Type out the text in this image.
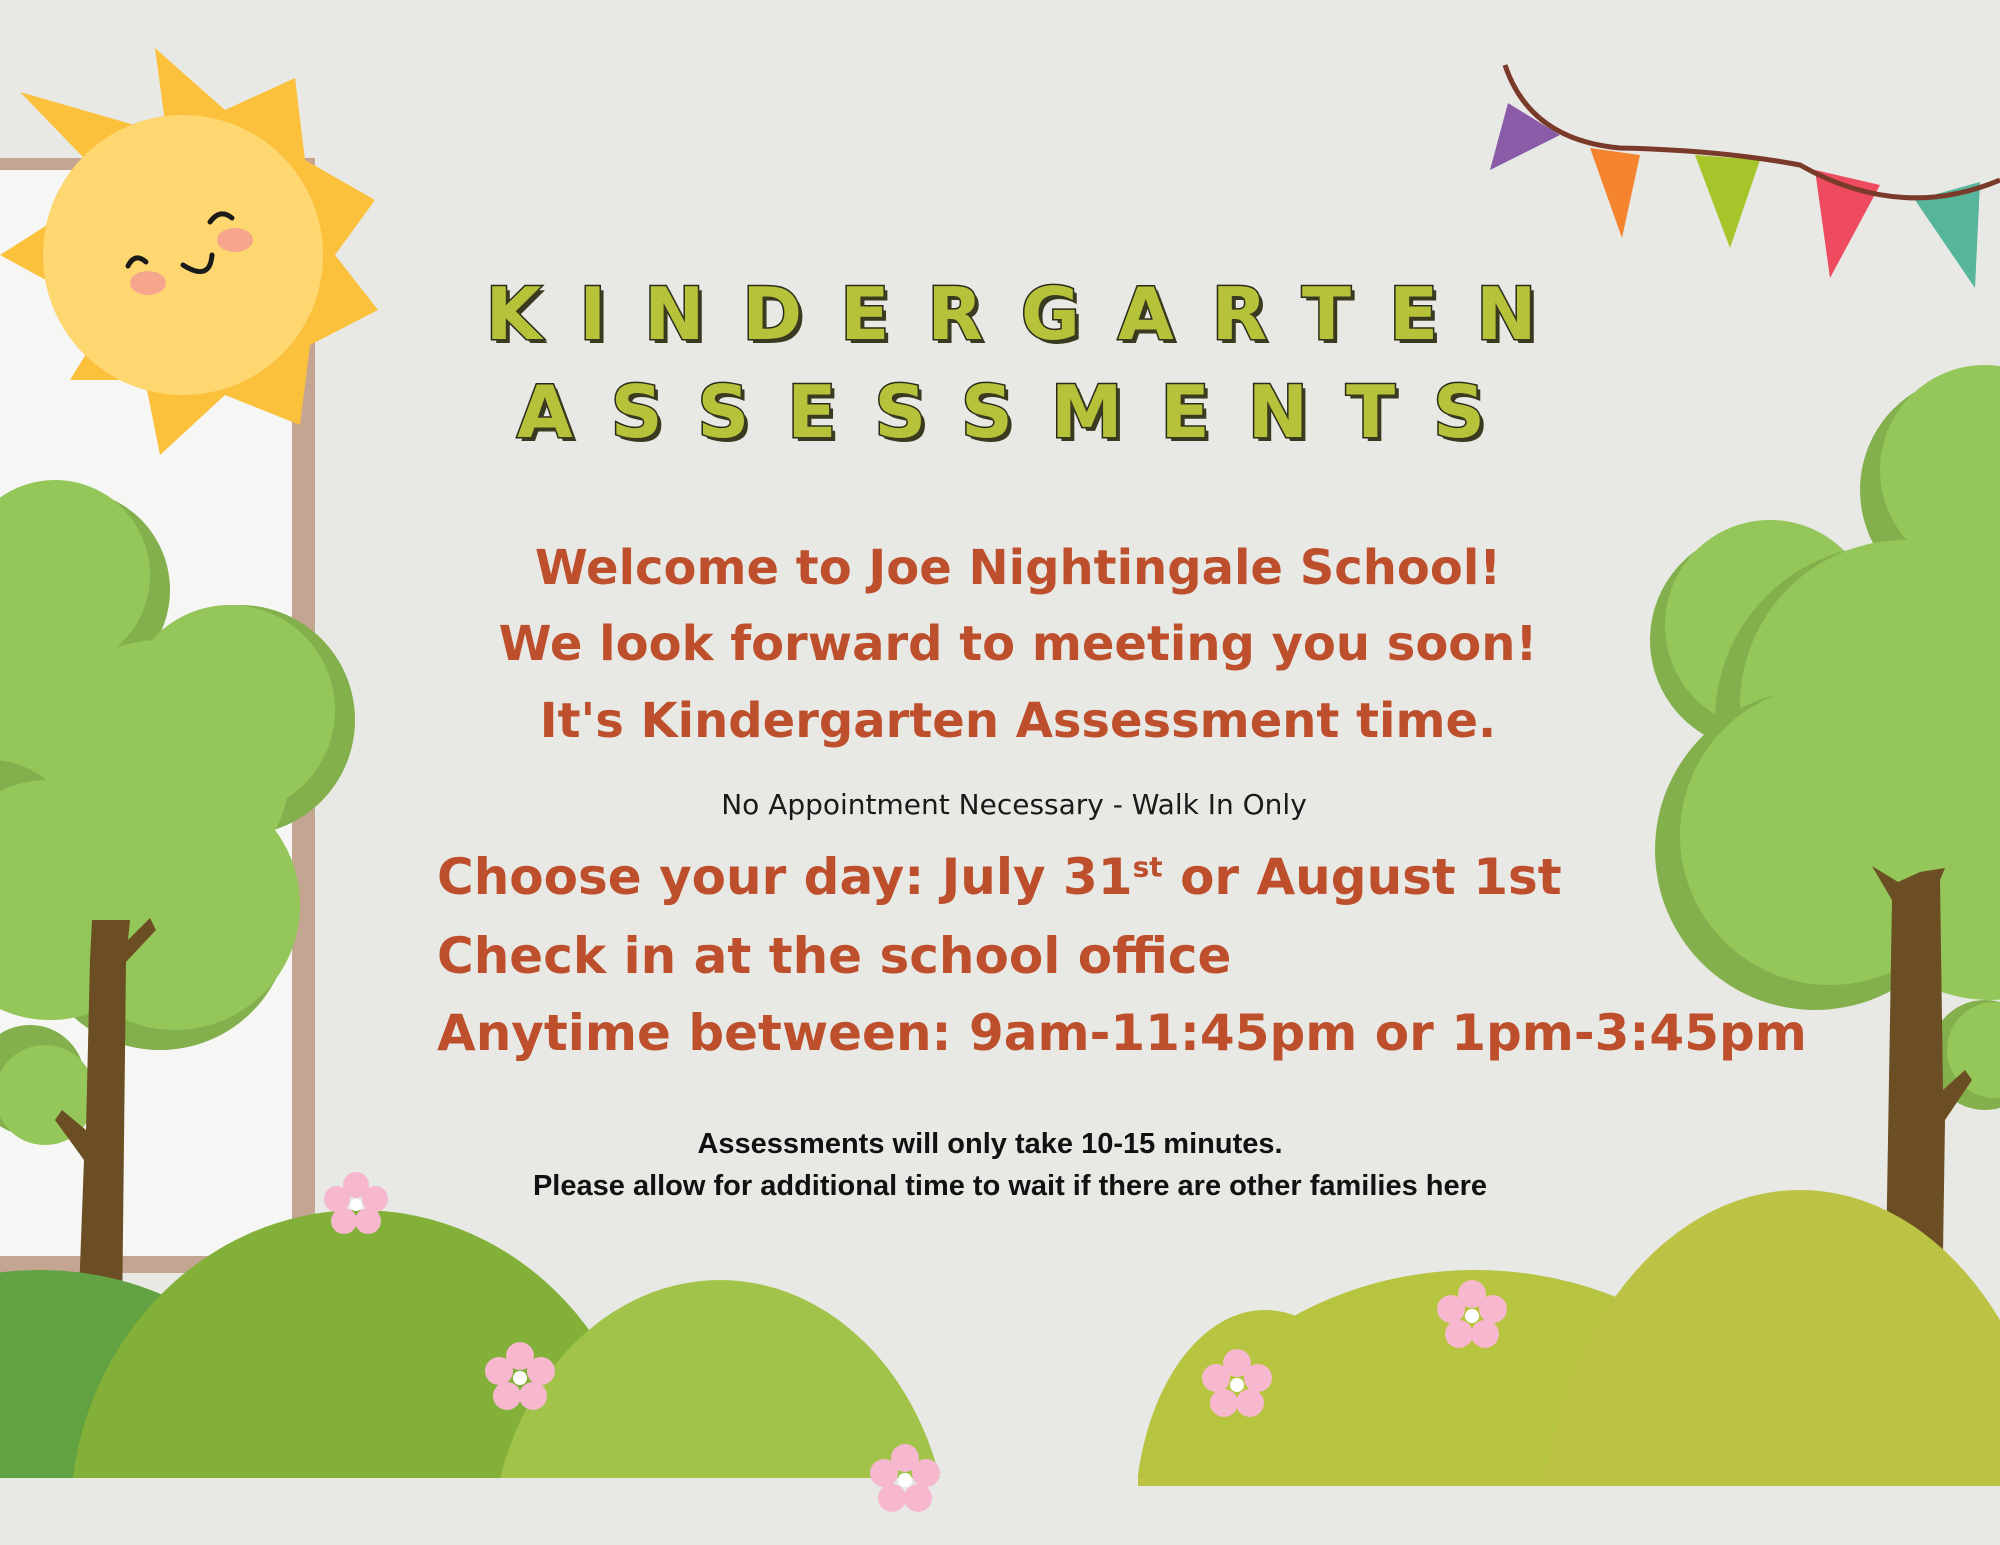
KINDERGARTEN
ASSESSMENTS
Welcome to Joe Nightingale School!
We look forward to meeting you soon!
It's Kindergarten Assessment time.
No Appointment Necessary - Walk In Only
Choose your day: July 31st or August 1st
Check in at the school office
Anytime between: 9am-11:45pm or 1pm-3:45pm
Assessments will only take 10-15 minutes.
Please allow for additional time to wait if there are other families here
